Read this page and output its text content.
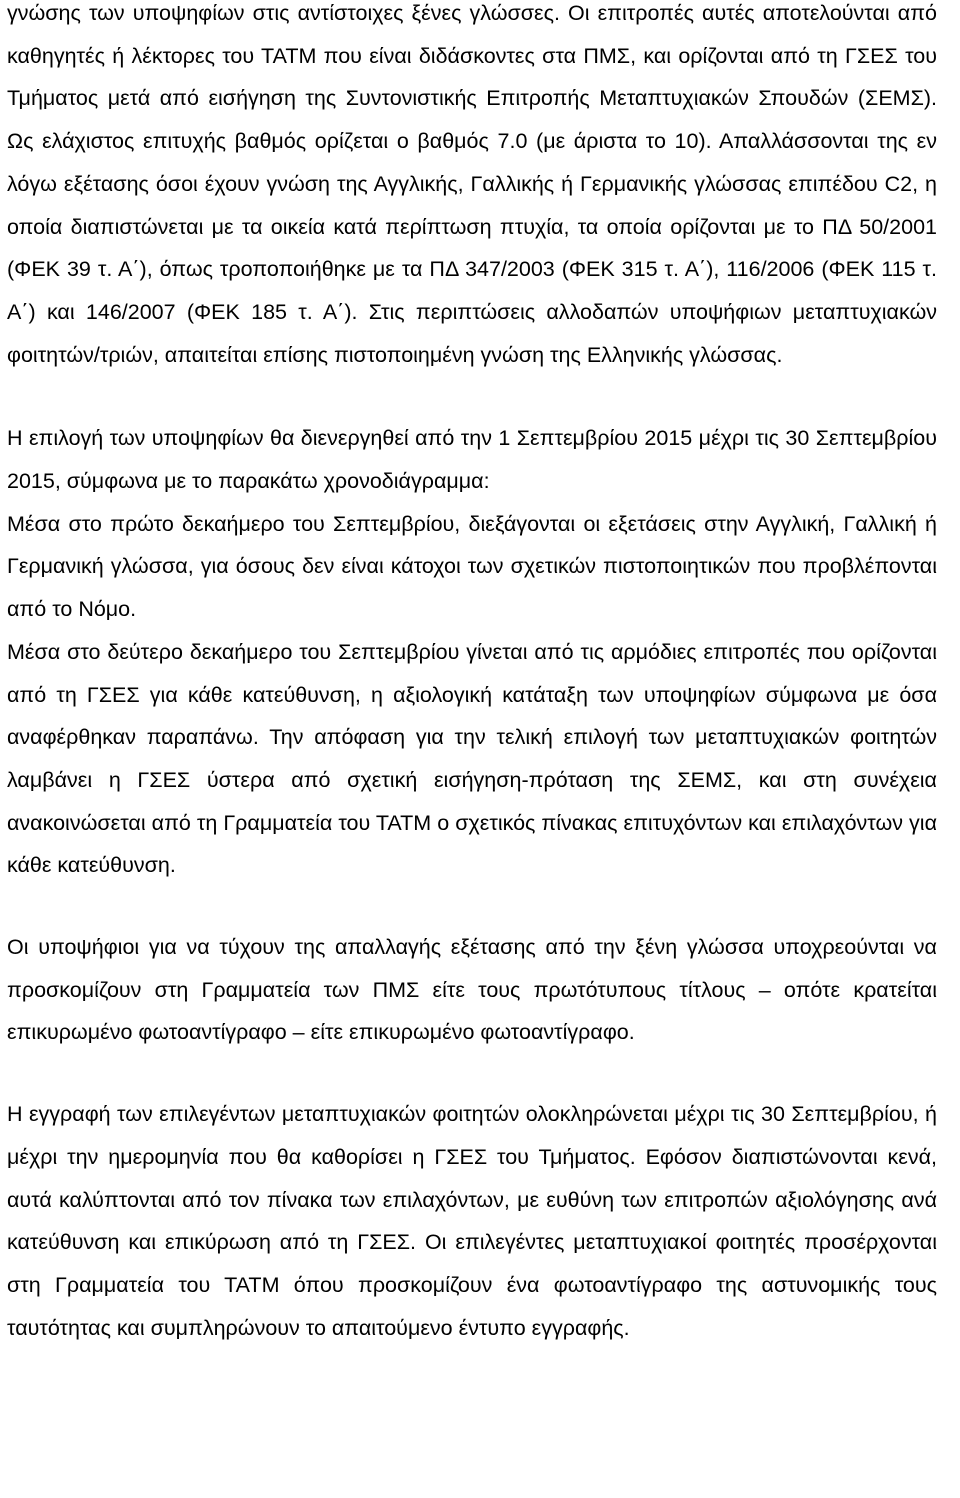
γνώσης των υποψηφίων στις αντίστοιχες ξένες γλώσσες. Οι επιτροπές αυτές αποτελούνται από καθηγητές ή λέκτορες του ΤΑΤΜ που είναι διδάσκοντες στα ΠΜΣ, και ορίζονται από τη ΓΣΕΣ του Τμήματος μετά από εισήγηση της Συντονιστικής Επιτροπής Μεταπτυχιακών Σπουδών (ΣΕΜΣ). Ως ελάχιστος επιτυχής βαθμός ορίζεται ο βαθμός 7.0 (με άριστα το 10). Απαλλάσσονται της εν λόγω εξέτασης όσοι έχουν γνώση της Αγγλικής, Γαλλικής ή Γερμανικής γλώσσας επιπέδου C2, η οποία διαπιστώνεται με τα οικεία κατά περίπτωση πτυχία, τα οποία ορίζονται με το ΠΔ 50/2001 (ΦΕΚ 39 τ. Α΄), όπως τροποποιήθηκε με τα ΠΔ 347/2003 (ΦΕΚ 315 τ. Α΄), 116/2006 (ΦΕΚ 115 τ. Α΄) και 146/2007 (ΦΕΚ 185 τ. Α΄). Στις περιπτώσεις αλλοδαπών υποψήφιων μεταπτυχιακών φοιτητών/τριών, απαιτείται επίσης πιστοποιημένη γνώση της Ελληνικής γλώσσας.

Η επιλογή των υποψηφίων θα διενεργηθεί από την 1 Σεπτεμβρίου 2015 μέχρι τις 30 Σεπτεμβρίου 2015, σύμφωνα με το παρακάτω χρονοδιάγραμμα:

Μέσα στο πρώτο δεκαήμερο του Σεπτεμβρίου, διεξάγονται οι εξετάσεις στην Αγγλική, Γαλλική ή Γερμανική γλώσσα, για όσους δεν είναι κάτοχοι των σχετικών πιστοποιητικών που προβλέπονται από το Νόμο.

Μέσα στο δεύτερο δεκαήμερο του Σεπτεμβρίου γίνεται από τις αρμόδιες επιτροπές που ορίζονται από τη ΓΣΕΣ για κάθε κατεύθυνση, η αξιολογική κατάταξη των υποψηφίων σύμφωνα με όσα αναφέρθηκαν παραπάνω. Την απόφαση για την τελική επιλογή των μεταπτυχιακών φοιτητών λαμβάνει η ΓΣΕΣ ύστερα από σχετική εισήγηση-πρόταση της ΣΕΜΣ, και στη συνέχεια ανακοινώσεται από τη Γραμματεία του ΤΑΤΜ ο σχετικός πίνακας επιτυχόντων και επιλαχόντων για κάθε κατεύθυνση.

Οι υποψήφιοι για να τύχουν της απαλλαγής εξέτασης από την ξένη γλώσσα υποχρεούνται να προσκομίζουν στη Γραμματεία των ΠΜΣ είτε τους πρωτότυπους τίτλους – οπότε κρατείται επικυρωμένο φωτοαντίγραφο – είτε επικυρωμένο φωτοαντίγραφο.

Η εγγραφή των επιλεγέντων μεταπτυχιακών φοιτητών ολοκληρώνεται μέχρι τις 30 Σεπτεμβρίου, ή μέχρι την ημερομηνία που θα καθορίσει η ΓΣΕΣ του Τμήματος. Εφόσον διαπιστώνονται κενά, αυτά καλύπτονται από τον πίνακα των επιλαχόντων, με ευθύνη των επιτροπών αξιολόγησης ανά κατεύθυνση και επικύρωση από τη ΓΣΕΣ. Οι επιλεγέντες μεταπτυχιακοί φοιτητές προσέρχονται στη Γραμματεία του ΤΑΤΜ όπου προσκομίζουν ένα φωτοαντίγραφο της αστυνομικής τους ταυτότητας και συμπληρώνουν το απαιτούμενο έντυπο εγγραφής.
